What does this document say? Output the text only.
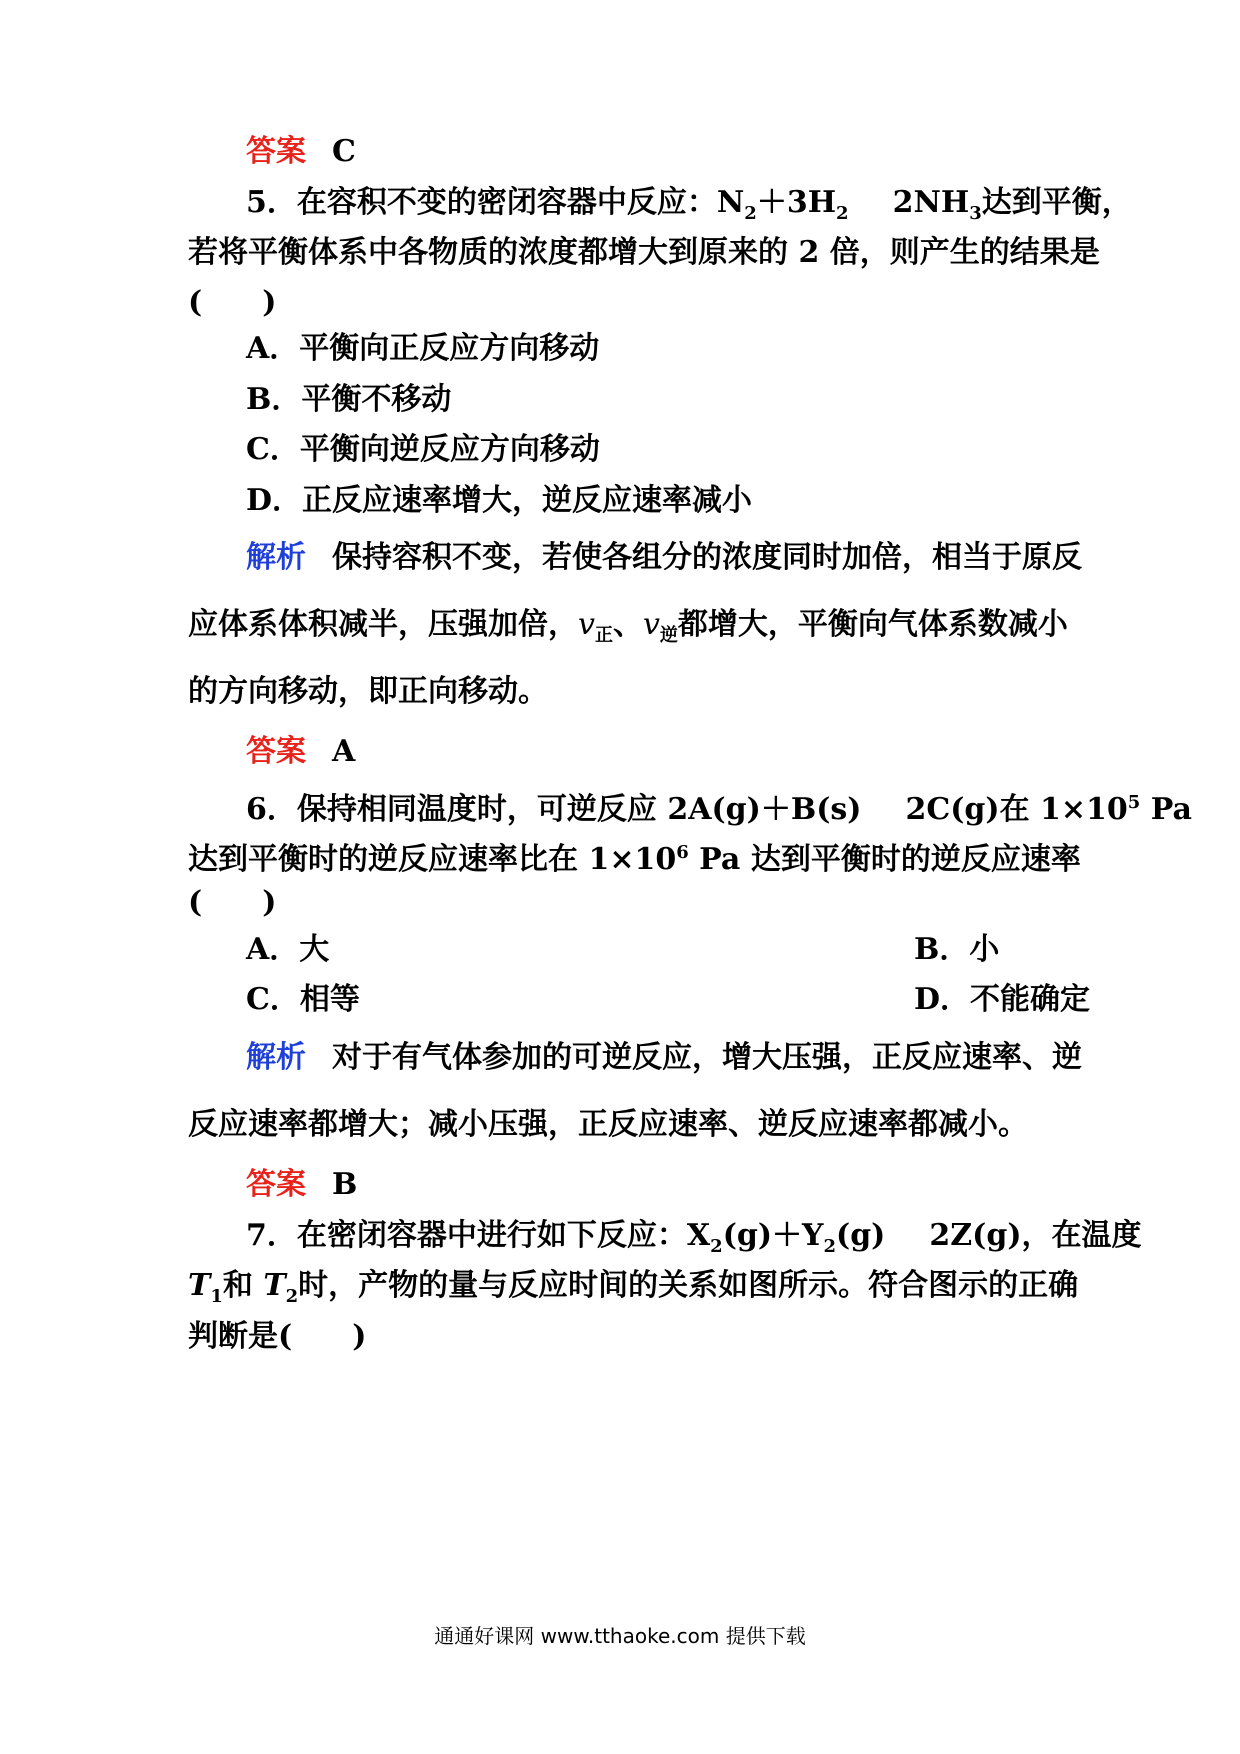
答案 C
5．在容积不变的密闭容器中反应：$N_2+3H_2$ $2NH_3$达到平衡，
若将平衡体系中各物质的浓度都增大到原来的 2 倍，则产生的结果是
(　　)
A．平衡向正反应方向移动
B．平衡不移动
C．平衡向逆反应方向移动
D．正反应速率增大，逆反应速率减小
解析 保持容积不变，若使各组分的浓度同时加倍，相当于原反
应体系体积减半，压强加倍，$v_正$、$v_逆$都增大，平衡向气体系数减小
的方向移动，即正向移动。
答案 A
6．保持相同温度时，可逆反应 2A(g)＋B(s) 2C(g)在 $1\times 10^5$ Pa
达到平衡时的逆反应速率比在 $1\times 10^6$ Pa 达到平衡时的逆反应速率
(　　)
A．大	B．小
C．相等	D．不能确定
解析 对于有气体参加的可逆反应，增大压强，正反应速率、逆
反应速率都增大；减小压强，正反应速率、逆反应速率都减小。
答案 B
7．在密闭容器中进行如下反应：$X_2(g)+Y_2(g)$ 2Z(g)，在温度
$T_1$和 $T_2$时，产物的量与反应时间的关系如图所示。符合图示的正确
判断是(　　)
通通好课网 www.tthaoke.com 提供下载
